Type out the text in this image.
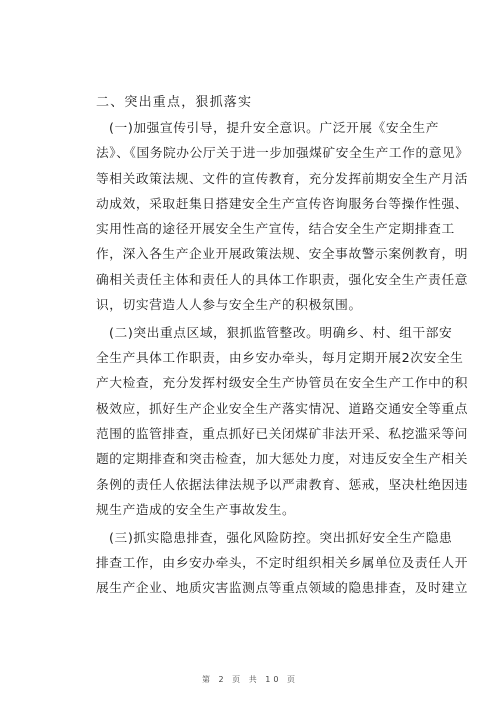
二、突出重点，狠抓落实
(一)加强宣传引导，提升安全意识。广泛开展《安全生产
法》、《国务院办公厅关于进一步加强煤矿安全生产工作的意见》
等相关政策法规、文件的宣传教育，充分发挥前期安全生产月活
动成效，采取赶集日搭建安全生产宣传咨询服务台等操作性强、
实用性高的途径开展安全生产宣传，结合安全生产定期排查工
作，深入各生产企业开展政策法规、安全事故警示案例教育，明
确相关责任主体和责任人的具体工作职责，强化安全生产责任意
识，切实营造人人参与安全生产的积极氛围。
(二)突出重点区域，狠抓监管整改。明确乡、村、组干部安
全生产具体工作职责，由乡安办牵头，每月定期开展2次安全生
产大检查，充分发挥村级安全生产协管员在安全生产工作中的积
极效应，抓好生产企业安全生产落实情况、道路交通安全等重点
范围的监管排查，重点抓好已关闭煤矿非法开采、私挖滥采等问
题的定期排查和突击检查，加大惩处力度，对违反安全生产相关
条例的责任人依据法律法规予以严肃教育、惩戒，坚决杜绝因违
规生产造成的安全生产事故发生。
(三)抓实隐患排查，强化风险防控。突出抓好安全生产隐患
排查工作，由乡安办牵头，不定时组织相关乡属单位及责任人开
展生产企业、地质灾害监测点等重点领域的隐患排查，及时建立
第 2 页 共 10 页
